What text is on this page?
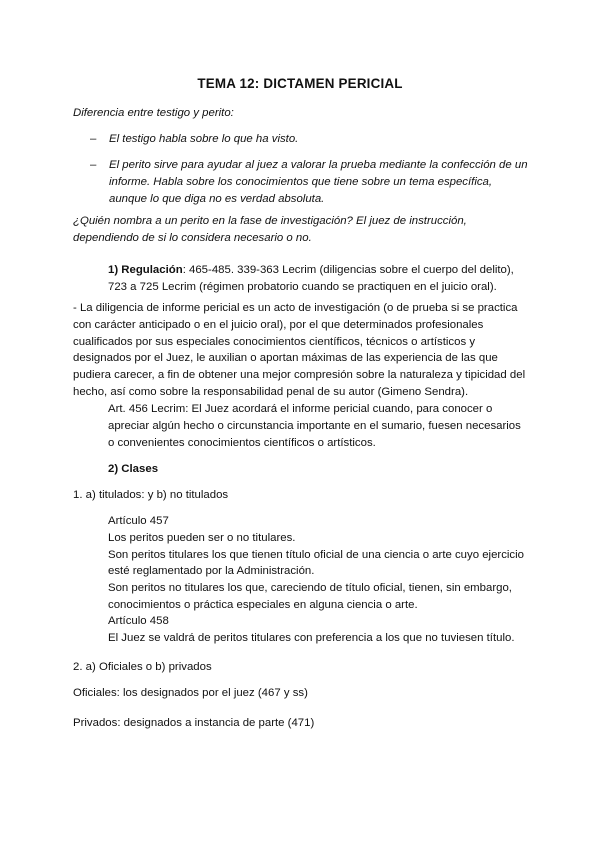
TEMA 12: DICTAMEN PERICIAL
Diferencia entre testigo y perito:
– El testigo habla sobre lo que ha visto.
– El perito sirve para ayudar al juez a valorar la prueba mediante la confección de un informe. Habla sobre los conocimientos que tiene sobre un tema específica, aunque lo que diga no es verdad absoluta.
¿Quién nombra a un perito en la fase de investigación? El juez de instrucción, dependiendo de si lo considera necesario o no.
1) Regulación: 465-485. 339-363 Lecrim (diligencias sobre el cuerpo del delito), 723 a 725 Lecrim (régimen probatorio cuando se practiquen en el juicio oral).
- La diligencia de informe pericial es un acto de investigación (o de prueba si se practica con carácter anticipado o en el juicio oral), por el que determinados profesionales cualificados por sus especiales conocimientos científicos, técnicos o artísticos y designados por el Juez, le auxilian o aportan máximas de las experiencia de las que pudiera carecer, a fin de obtener una mejor compresión sobre la naturaleza y tipicidad del hecho, así como sobre la responsabilidad penal de su autor (Gimeno Sendra).
Art. 456 Lecrim: El Juez acordará el informe pericial cuando, para conocer o apreciar algún hecho o circunstancia importante en el sumario, fuesen necesarios o convenientes conocimientos científicos o artísticos.
2) Clases
1. a) titulados: y b) no titulados
Artículo 457
Los peritos pueden ser o no titulares.
Son peritos titulares los que tienen título oficial de una ciencia o arte cuyo ejercicio esté reglamentado por la Administración.
Son peritos no titulares los que, careciendo de título oficial, tienen, sin embargo, conocimientos o práctica especiales en alguna ciencia o arte.
Artículo 458
El Juez se valdrá de peritos titulares con preferencia a los que no tuviesen título.
2. a) Oficiales o b) privados
Oficiales: los designados por el juez (467 y ss)
Privados: designados a instancia de parte (471)
